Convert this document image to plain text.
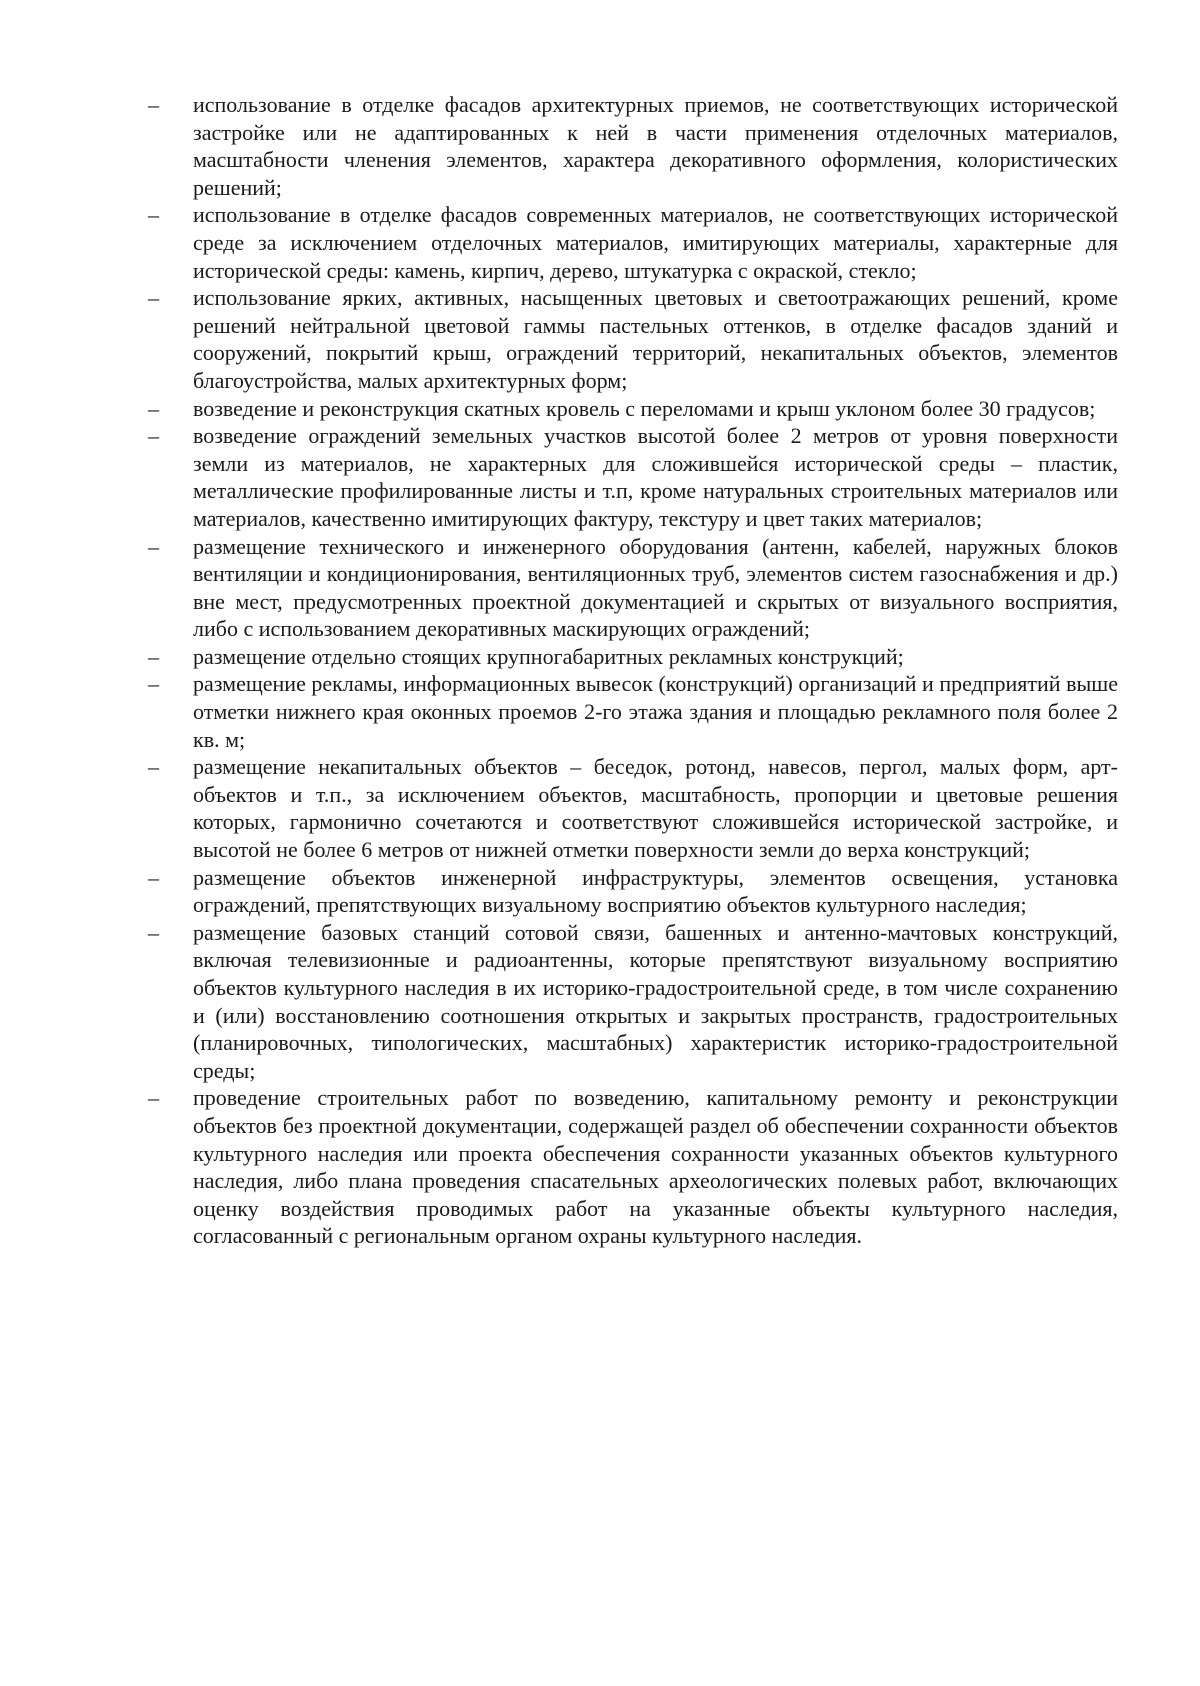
–	использование в отделке фасадов архитектурных приемов, не соответствующих исторической застройке или не адаптированных к ней в части применения отделочных материалов, масштабности членения элементов, характера декоративного оформления, колористических решений;
–	использование в отделке фасадов современных материалов, не соответствующих исторической среде за исключением отделочных материалов, имитирующих материалы, характерные для исторической среды: камень, кирпич, дерево, штукатурка с окраской, стекло;
–	использование ярких, активных, насыщенных цветовых и светоотражающих решений, кроме решений нейтральной цветовой гаммы пастельных оттенков, в отделке фасадов зданий и сооружений, покрытий крыш, ограждений территорий, некапитальных объектов, элементов благоустройства, малых архитектурных форм;
–	возведение и реконструкция скатных кровель с переломами и крыш уклоном более 30 градусов;
–	возведение ограждений земельных участков высотой более 2 метров от уровня поверхности земли из материалов, не характерных для сложившейся исторической среды – пластик, металлические профилированные листы и т.п, кроме натуральных строительных материалов или материалов, качественно имитирующих фактуру, текстуру и цвет таких материалов;
–	размещение технического и инженерного оборудования (антенн, кабелей, наружных блоков вентиляции и кондиционирования, вентиляционных труб, элементов систем газоснабжения и др.) вне мест, предусмотренных проектной документацией и скрытых от визуального восприятия, либо с использованием декоративных маскирующих ограждений;
–	размещение отдельно стоящих крупногабаритных рекламных конструкций;
–	размещение рекламы, информационных вывесок (конструкций) организаций и предприятий выше отметки нижнего края оконных проемов 2-го этажа здания и площадью рекламного поля более 2 кв. м;
–	размещение некапитальных объектов – беседок, ротонд, навесов, пергол, малых форм, арт-объектов и т.п., за исключением объектов, масштабность, пропорции и цветовые решения которых, гармонично сочетаются и соответствуют сложившейся исторической застройке, и высотой не более 6 метров от нижней отметки поверхности земли до верха конструкций;
–	размещение объектов инженерной инфраструктуры, элементов освещения, установка ограждений, препятствующих визуальному восприятию объектов культурного наследия;
–	размещение базовых станций сотовой связи, башенных и антенно-мачтовых конструкций, включая телевизионные и радиоантенны, которые препятствуют визуальному восприятию объектов культурного наследия в их историко-градостроительной среде, в том числе сохранению и (или) восстановлению соотношения открытых и закрытых пространств, градостроительных (планировочных, типологических, масштабных) характеристик историко-градостроительной среды;
–	проведение строительных работ по возведению, капитальному ремонту и реконструкции объектов без проектной документации, содержащей раздел об обеспечении сохранности объектов культурного наследия или проекта обеспечения сохранности указанных объектов культурного наследия, либо плана проведения спасательных археологических полевых работ, включающих оценку воздействия проводимых работ на указанные объекты культурного наследия, согласованный с региональным органом охраны культурного наследия.
